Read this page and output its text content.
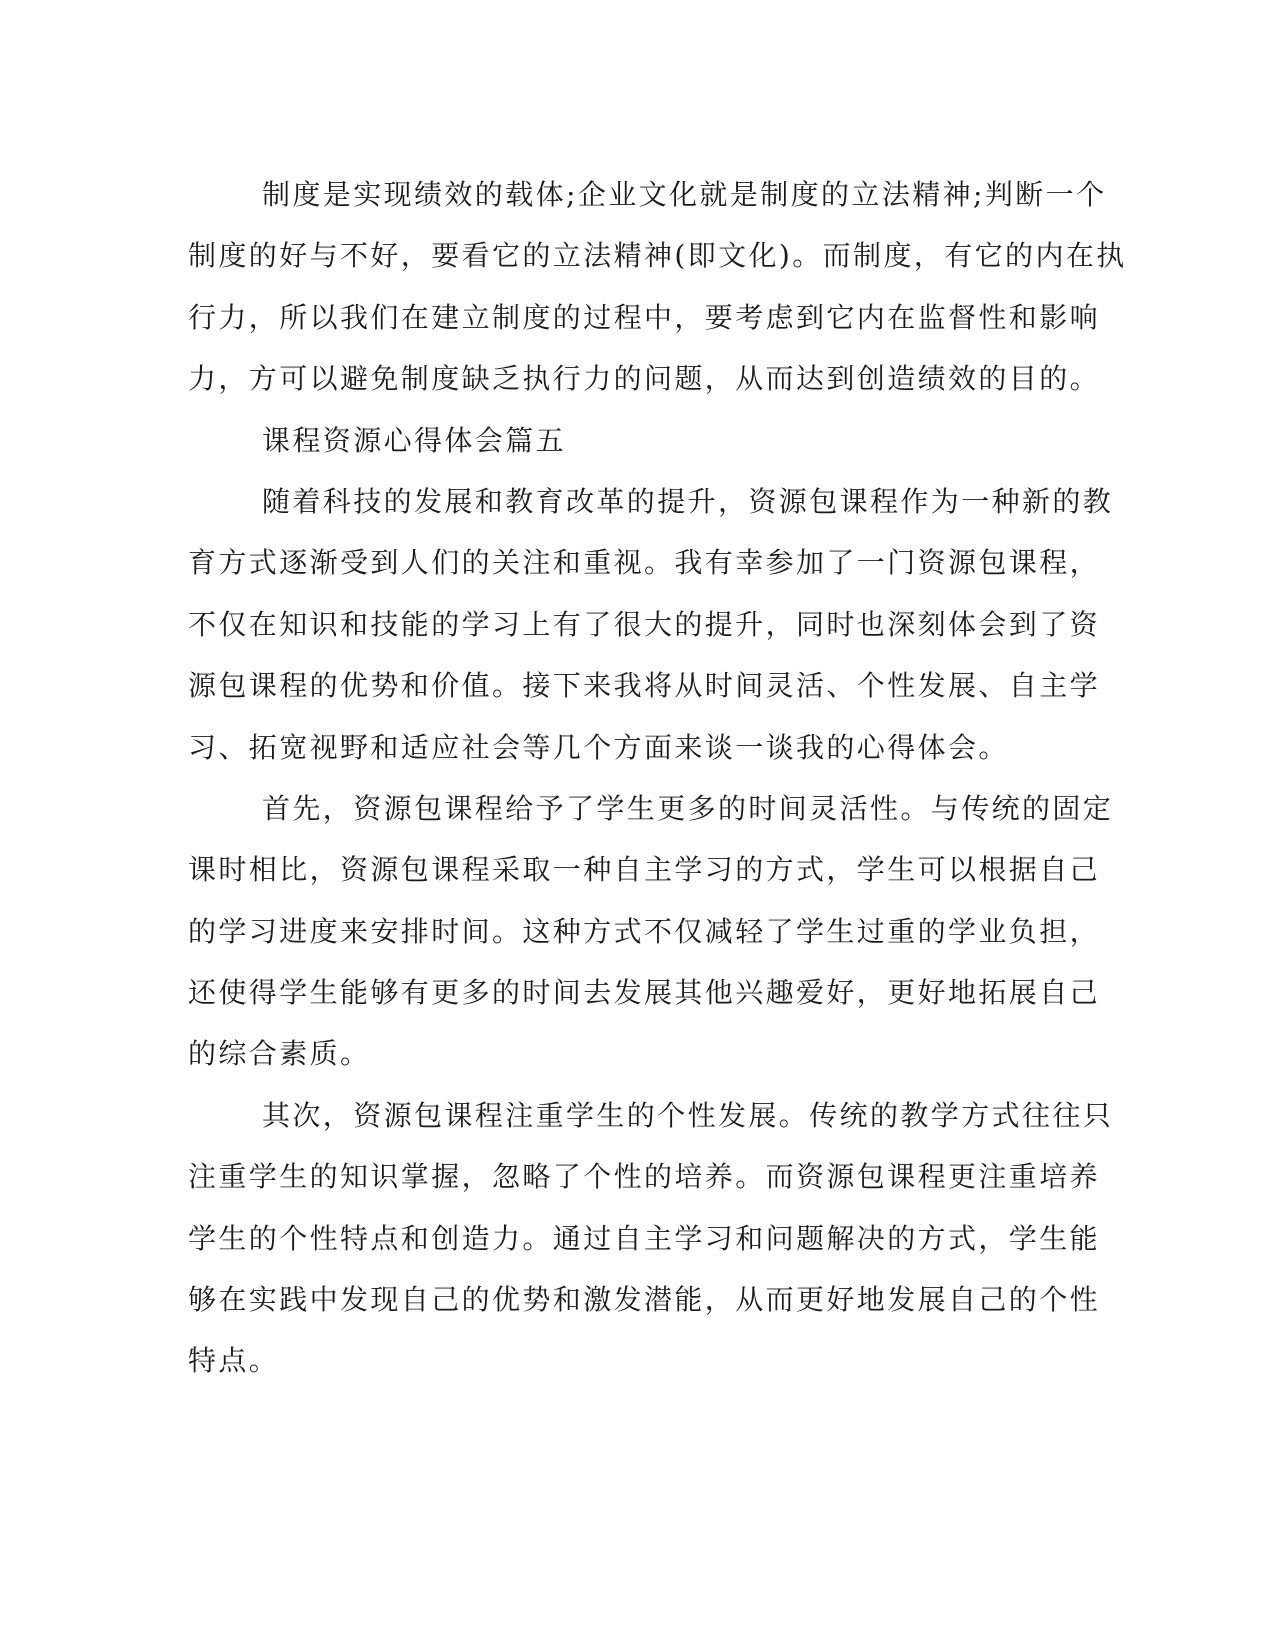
制度是实现绩效的载体;企业文化就是制度的立法精神;判断一个
制度的好与不好，要看它的立法精神(即文化)。而制度，有它的内在执
行力，所以我们在建立制度的过程中，要考虑到它内在监督性和影响
力，方可以避免制度缺乏执行力的问题，从而达到创造绩效的目的。
课程资源心得体会篇五
随着科技的发展和教育改革的提升，资源包课程作为一种新的教
育方式逐渐受到人们的关注和重视。我有幸参加了一门资源包课程，
不仅在知识和技能的学习上有了很大的提升，同时也深刻体会到了资
源包课程的优势和价值。接下来我将从时间灵活、个性发展、自主学
习、拓宽视野和适应社会等几个方面来谈一谈我的心得体会。
首先，资源包课程给予了学生更多的时间灵活性。与传统的固定
课时相比，资源包课程采取一种自主学习的方式，学生可以根据自己
的学习进度来安排时间。这种方式不仅减轻了学生过重的学业负担，
还使得学生能够有更多的时间去发展其他兴趣爱好，更好地拓展自己
的综合素质。
其次，资源包课程注重学生的个性发展。传统的教学方式往往只
注重学生的知识掌握，忽略了个性的培养。而资源包课程更注重培养
学生的个性特点和创造力。通过自主学习和问题解决的方式，学生能
够在实践中发现自己的优势和激发潜能，从而更好地发展自己的个性
特点。
